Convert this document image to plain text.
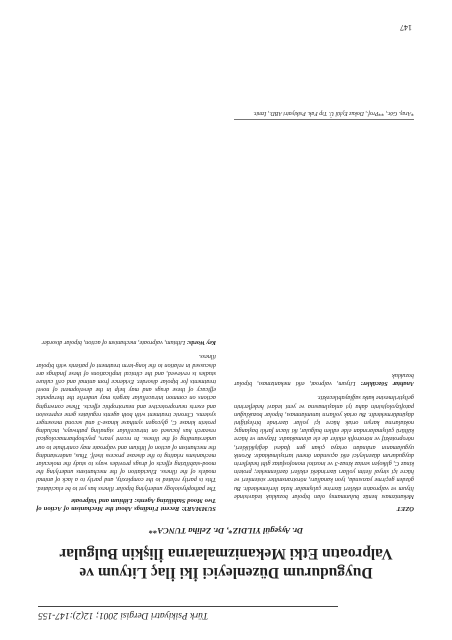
Türk Psikiyatri Dergisi 2001; 12(2):147-155
Duygudurum Düzenleyici İki İlaç Lityum ve
Valproatın Etki Mekanizmalarına İlişkin Bulgular
Dr. Ayşegül YILDIZ*, Dr. Zeliha TUNCA**
ÖZET
Mekanizması henüz bulunmamış olan bipolar bozukluk tedavisinde lityum ve valproatın etkileri üzerine çalışmalar hızla ilerlemektedir. Bu gözden geçirme yazısında, iyon kanalları, nörotransmitter sistemleri ve hücre içi sinyal iletim yolları üzerindeki etkileri özetlenmekte; protein kinaz C, glikojen sentaz kinaz-3 ve inozitol monofosfataz gibi hedeflerin duygudurum düzenleyici etki açısından önemi tartışılmaktadır. Kronik uygulamanın ardından ortaya çıkan gen ifadesi değişiklikleri, nöroprotektif ve nörotrofik etkiler de ele alınmaktadır. Hayvan ve hücre kültürü çalışmalarından elde edilen bulgular, iki ilacın farklı başlangıç noktalarına karşın ortak hücre içi yollar üzerinde birleştiğini düşündürmektedir. Bu ortak yolların tanımlanması, bipolar bozukluğun patofizyolojisinin daha iyi anlaşılmasına ve yeni tedavi hedeflerinin geliştirilmesine katkı sağlayabilecektir.
Anahtar Sözcükler: Lityum, valproat, etki mekanizması, bipolar bozukluk
*Araş. Gör., **Prof., Dokuz Eylül Ü. Tıp Fak. Psikiyatri ABD., İzmir.
SUMMARY: Recent Findings About the Mechanism of Action of Two Mood Stabilizing Agents: Lithium and Valproate
The pathophysiology underlying bipolar illness has yet to be elucidated. This is partly related to the complexity, and partly to a lack of animal models of the illness. Elucidation of the mechanisms underlying the mood-stabilizing effects of drugs provides ways to study the molecular mechanisms relating to the disease process itself. Thus, understanding the mechanism of action of lithium and valproate may contribute to our understanding of the illness. In recent years, psychopharmacological research has focused on intracellular signaling pathways, including protein kinase C, glycogen synthase kinase-3 and second messenger systems. Chronic treatment with both agents regulates gene expression and exerts neuroprotective and neurotrophic effects. These converging actions on common intracellular targets may underlie the therapeutic efficacy of these drugs and may help in the development of novel treatments for bipolar disorder. Evidence from animal and cell culture studies is reviewed, and the clinical implications of these findings are discussed in relation to the long-term treatment of patients with bipolar illness.
Key Words: Lithium, valproate, mechanism of action, bipolar disorder
147
